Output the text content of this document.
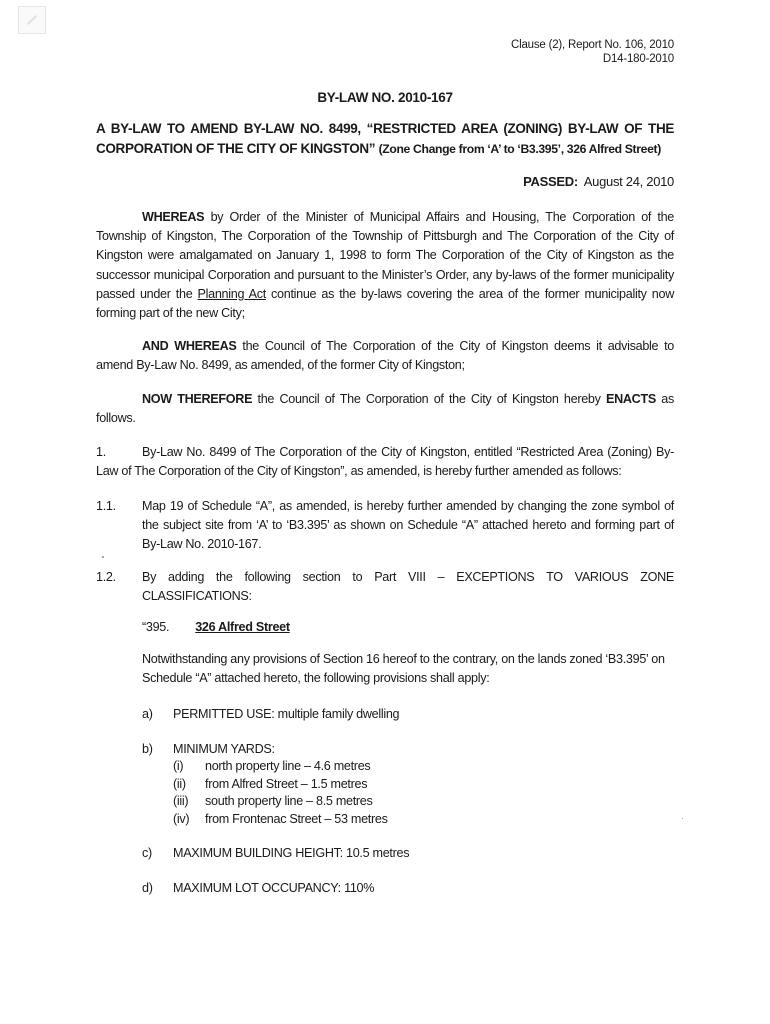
Clause (2), Report No. 106, 2010
D14-180-2010
BY-LAW NO. 2010-167
A BY-LAW TO AMEND BY-LAW NO. 8499, “RESTRICTED AREA (ZONING) BY-LAW OF THE CORPORATION OF THE CITY OF KINGSTON” (Zone Change from ‘A’ to ‘B3.395’, 326 Alfred Street)
PASSED: August 24, 2010
WHEREAS by Order of the Minister of Municipal Affairs and Housing, The Corporation of the Township of Kingston, The Corporation of the Township of Pittsburgh and The Corporation of the City of Kingston were amalgamated on January 1, 1998 to form The Corporation of the City of Kingston as the successor municipal Corporation and pursuant to the Minister’s Order, any by-laws of the former municipality passed under the Planning Act continue as the by-laws covering the area of the former municipality now forming part of the new City;
AND WHEREAS the Council of The Corporation of the City of Kingston deems it advisable to amend By-Law No. 8499, as amended, of the former City of Kingston;
NOW THEREFORE the Council of The Corporation of the City of Kingston hereby ENACTS as follows.
1.	By-Law No. 8499 of The Corporation of the City of Kingston, entitled “Restricted Area (Zoning) By-Law of The Corporation of the City of Kingston”, as amended, is hereby further amended as follows:
1.1. Map 19 of Schedule “A”, as amended, is hereby further amended by changing the zone symbol of the subject site from ‘A’ to ‘B3.395’ as shown on Schedule “A” attached hereto and forming part of By-Law No. 2010-167.
1.2. By adding the following section to Part VIII – EXCEPTIONS TO VARIOUS ZONE CLASSIFICATIONS:
“395. 326 Alfred Street
Notwithstanding any provisions of Section 16 hereof to the contrary, on the lands zoned ‘B3.395’ on Schedule “A” attached hereto, the following provisions shall apply:
a) PERMITTED USE: multiple family dwelling
b) MINIMUM YARDS:
(i) north property line – 4.6 metres
(ii) from Alfred Street – 1.5 metres
(iii) south property line – 8.5 metres
(iv) from Frontenac Street – 53 metres
c) MAXIMUM BUILDING HEIGHT: 10.5 metres
d) MAXIMUM LOT OCCUPANCY: 110%
